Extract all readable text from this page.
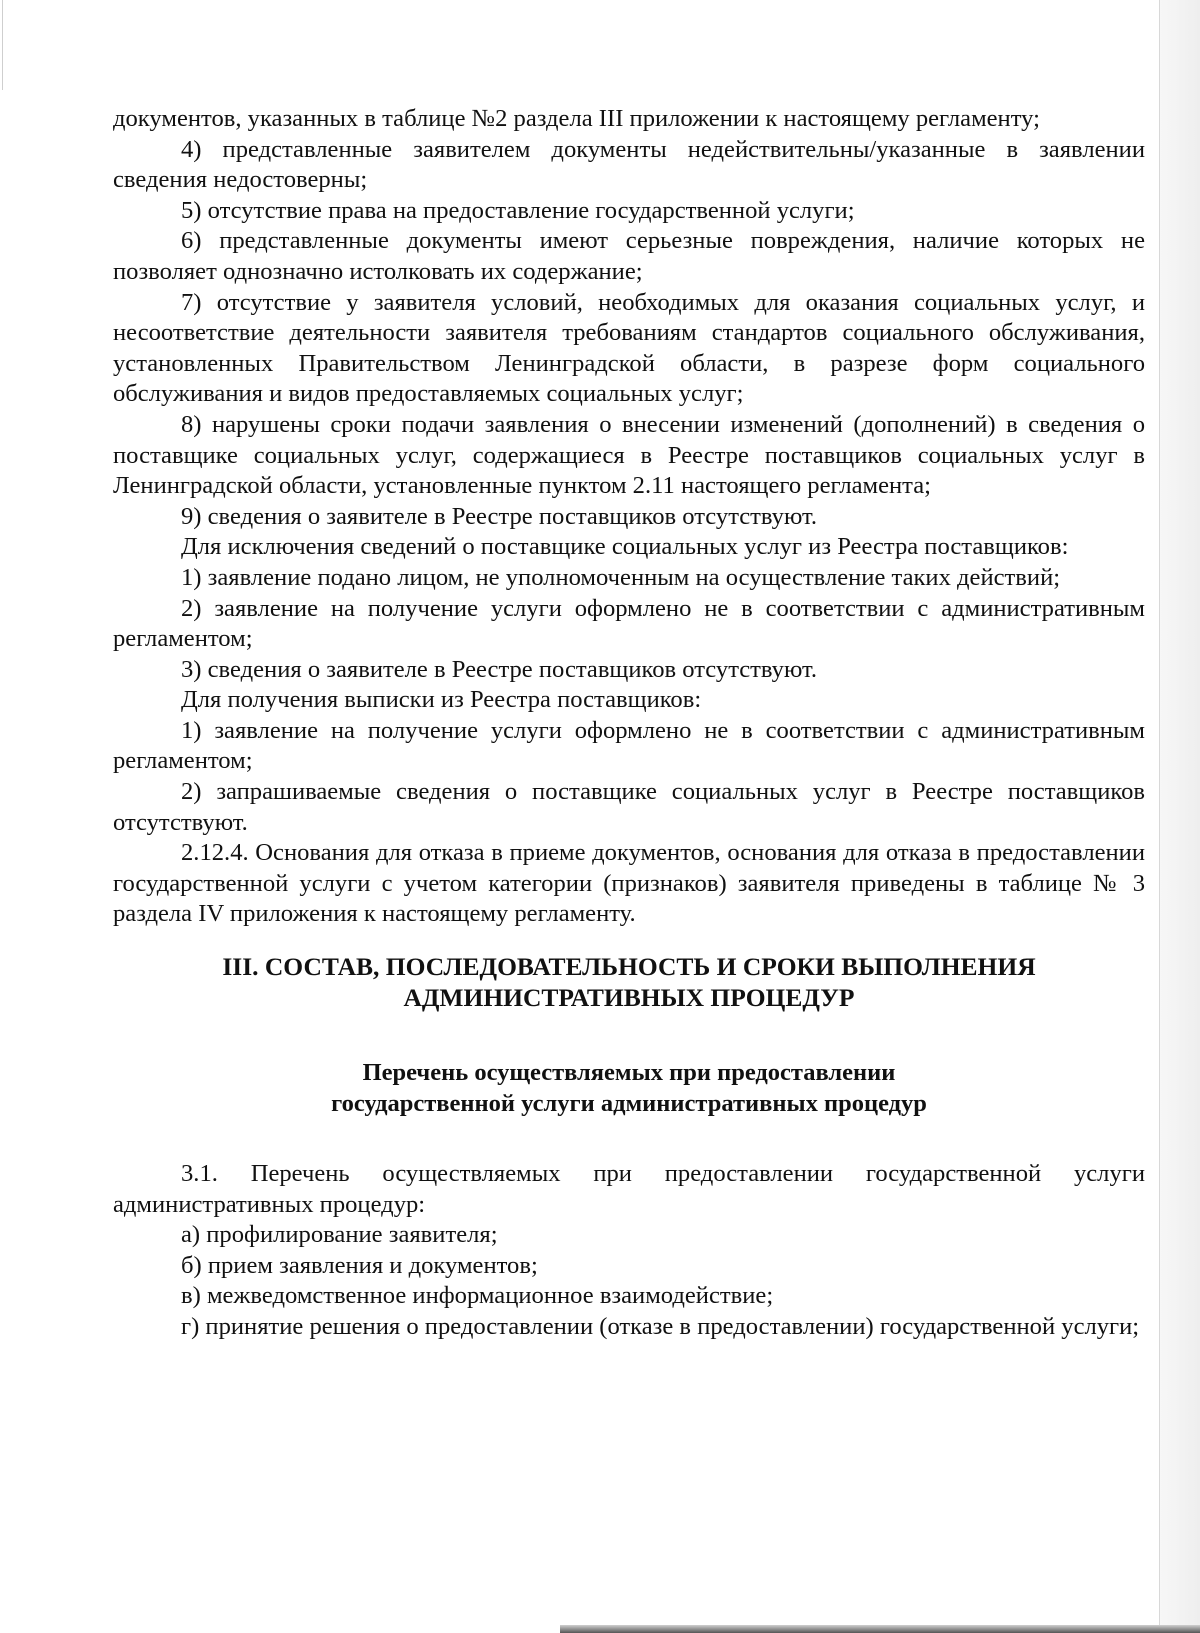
документов, указанных в таблице №2 раздела III приложении к настоящему регламенту;

4) представленные заявителем документы недействительны/указанные в заявлении сведения недостоверны;

5) отсутствие права на предоставление государственной услуги;

6) представленные документы имеют серьезные повреждения, наличие которых не позволяет однозначно истолковать их содержание;

7) отсутствие у заявителя условий, необходимых для оказания социальных услуг, и несоответствие деятельности заявителя требованиям стандартов социального обслуживания, установленных Правительством Ленинградской области, в разрезе форм социального обслуживания и видов предоставляемых социальных услуг;

8) нарушены сроки подачи заявления о внесении изменений (дополнений) в сведения о поставщике социальных услуг, содержащиеся в Реестре поставщиков социальных услуг в Ленинградской области, установленные пунктом 2.11 настоящего регламента;

9) сведения о заявителе в Реестре поставщиков отсутствуют.

Для исключения сведений о поставщике социальных услуг из Реестра поставщиков:

1) заявление подано лицом, не уполномоченным на осуществление таких действий;

2) заявление на получение услуги оформлено не в соответствии с административным регламентом;

3) сведения о заявителе в Реестре поставщиков отсутствуют.

Для получения выписки из Реестра поставщиков:

1) заявление на получение услуги оформлено не в соответствии с административным регламентом;

2) запрашиваемые сведения о поставщике социальных услуг в Реестре поставщиков отсутствуют.

2.12.4. Основания для отказа в приеме документов, основания для отказа в предоставлении государственной услуги с учетом категории (признаков) заявителя приведены в таблице № 3 раздела IV приложения к настоящему регламенту.

III. СОСТАВ, ПОСЛЕДОВАТЕЛЬНОСТЬ И СРОКИ ВЫПОЛНЕНИЯ
АДМИНИСТРАТИВНЫХ ПРОЦЕДУР
Перечень осуществляемых при предоставлении
государственной услуги административных процедур

3.1. Перечень осуществляемых при предоставлении государственной услуги административных процедур:

а) профилирование заявителя;

б) прием заявления и документов;

в) межведомственное информационное взаимодействие;

г) принятие решения о предоставлении (отказе в предоставлении) государственной услуги;
